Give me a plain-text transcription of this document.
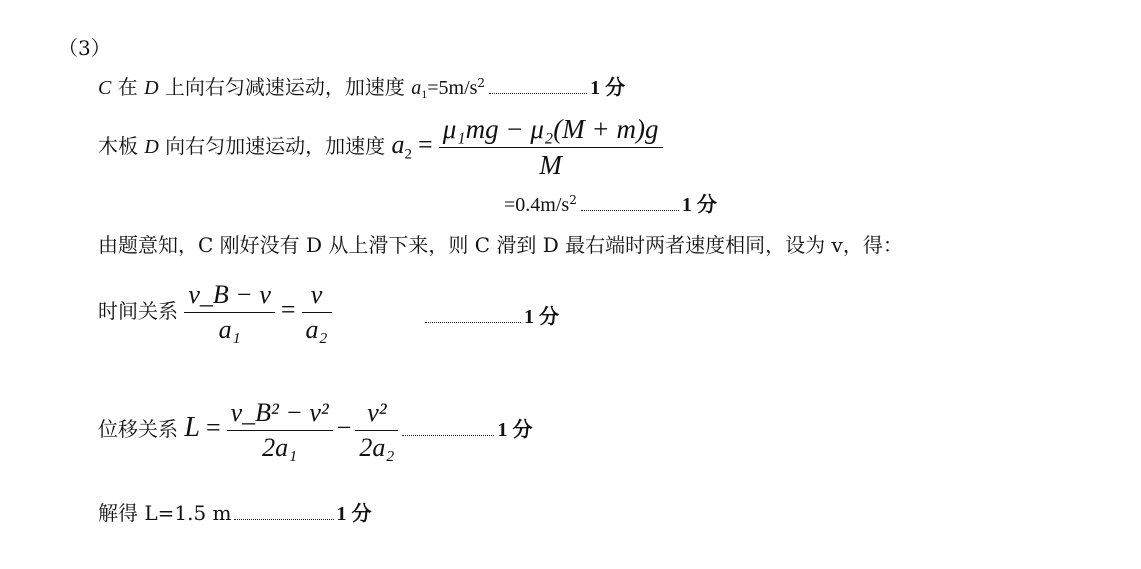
（3）
C 在 D 上向右匀减速运动，加速度 $a_1=5m/s^2$	1 分
木板 D 向右匀加速运动，加速度 $a_2 = \frac{\text{μ₁mg − μ₂(M + m)g}}{M}$
$=0.4m/s^2$	1 分
由题意知，C 刚好没有 D 从上滑下来，则 C 滑到 D 最右端时两者速度相同，设为 v，得：
时间关系 $\frac{v\_B - v}{\text{a₁}} = \frac{v}{\text{a₂}}$	1 分
位移关系 $L = \frac{\text{v\_B² − v²}}{\text{2a₁}} - \frac{\text{v²}}{\text{2a₂}}$	1 分
解得 L=1.5 m	1 分
